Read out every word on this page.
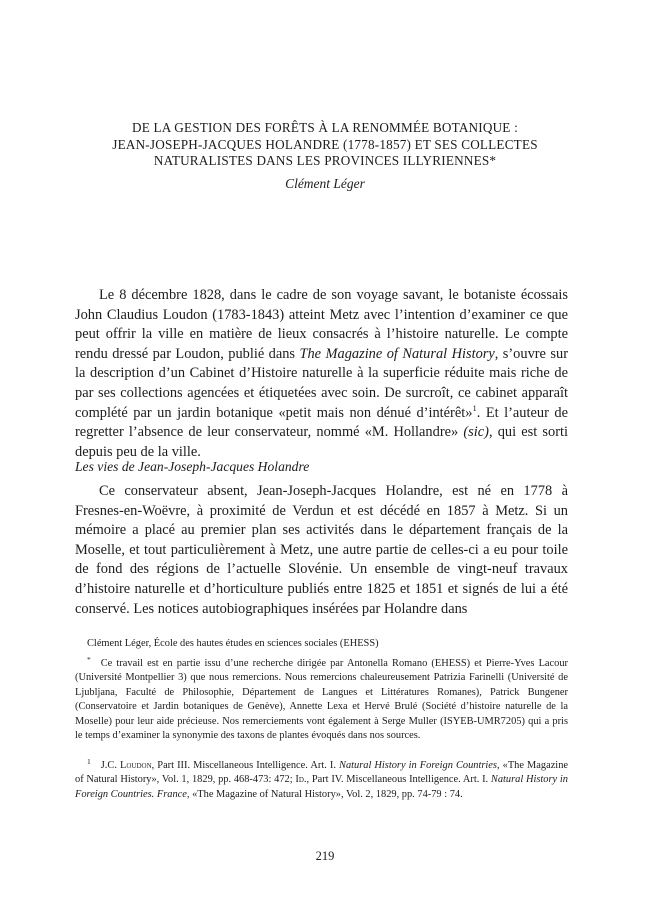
DE LA GESTION DES FORÊTS À LA RENOMMÉE BOTANIQUE :
JEAN-JOSEPH-JACQUES HOLANDRE (1778-1857) ET SES COLLECTES
NATURALISTES DANS LES PROVINCES ILLYRIENNES*
Clément Léger
Le 8 décembre 1828, dans le cadre de son voyage savant, le botaniste écossais John Claudius Loudon (1783-1843) atteint Metz avec l’intention d’examiner ce que peut offrir la ville en matière de lieux consacrés à l’histoire naturelle. Le compte rendu dressé par Loudon, publié dans The Magazine of Natural History, s’ouvre sur la description d’un Cabinet d’Histoire naturelle à la superficie réduite mais riche de par ses collections agencées et étiquetées avec soin. De surcroît, ce cabinet apparaît complété par un jardin botanique «petit mais non dénué d’intérêt»$^1$. Et l’auteur de regretter l’absence de leur conservateur, nommé «M. Hollandre» (sic), qui est sorti depuis peu de la ville.
Les vies de Jean-Joseph-Jacques Holandre
Ce conservateur absent, Jean-Joseph-Jacques Holandre, est né en 1778 à Fresnes-en-Woëvre, à proximité de Verdun et est décédé en 1857 à Metz. Si un mémoire a placé au premier plan ses activités dans le département français de la Moselle, et tout particulièrement à Metz, une autre partie de celles-ci a eu pour toile de fond des régions de l’actuelle Slovénie. Un ensemble de vingt-neuf travaux d’histoire naturelle et d’horticulture publiés entre 1825 et 1851 et signés de lui a été conservé. Les notices autobiographiques insérées par Holandre dans
Clément Léger, École des hautes études en sciences sociales (EHESS)
* Ce travail est en partie issu d’une recherche dirigée par Antonella Romano (EHESS) et Pierre-Yves Lacour (Université Montpellier 3) que nous remercions. Nous remercions chaleureusement Patrizia Farinelli (Université de Ljubljana, Faculté de Philosophie, Département de Langues et Littératures Romanes), Patrick Bungener (Conservatoire et Jardin botaniques de Genève), Annette Lexa et Hervé Brulé (Société d’histoire naturelle de la Moselle) pour leur aide précieuse. Nos remerciements vont également à Serge Muller (ISYEB-UMR7205) qui a pris le temps d’examiner la synonymie des taxons de plantes évoqués dans nos sources.
$^1$ J.C. Loudon, Part III. Miscellaneous Intelligence. Art. I. Natural History in Foreign Countries, «The Magazine of Natural History», Vol. 1, 1829, pp. 468-473: 472; Id., Part IV. Miscellaneous Intelligence. Art. I. Natural History in Foreign Countries. France, «The Magazine of Natural History», Vol. 2, 1829, pp. 74-79 : 74.
219
